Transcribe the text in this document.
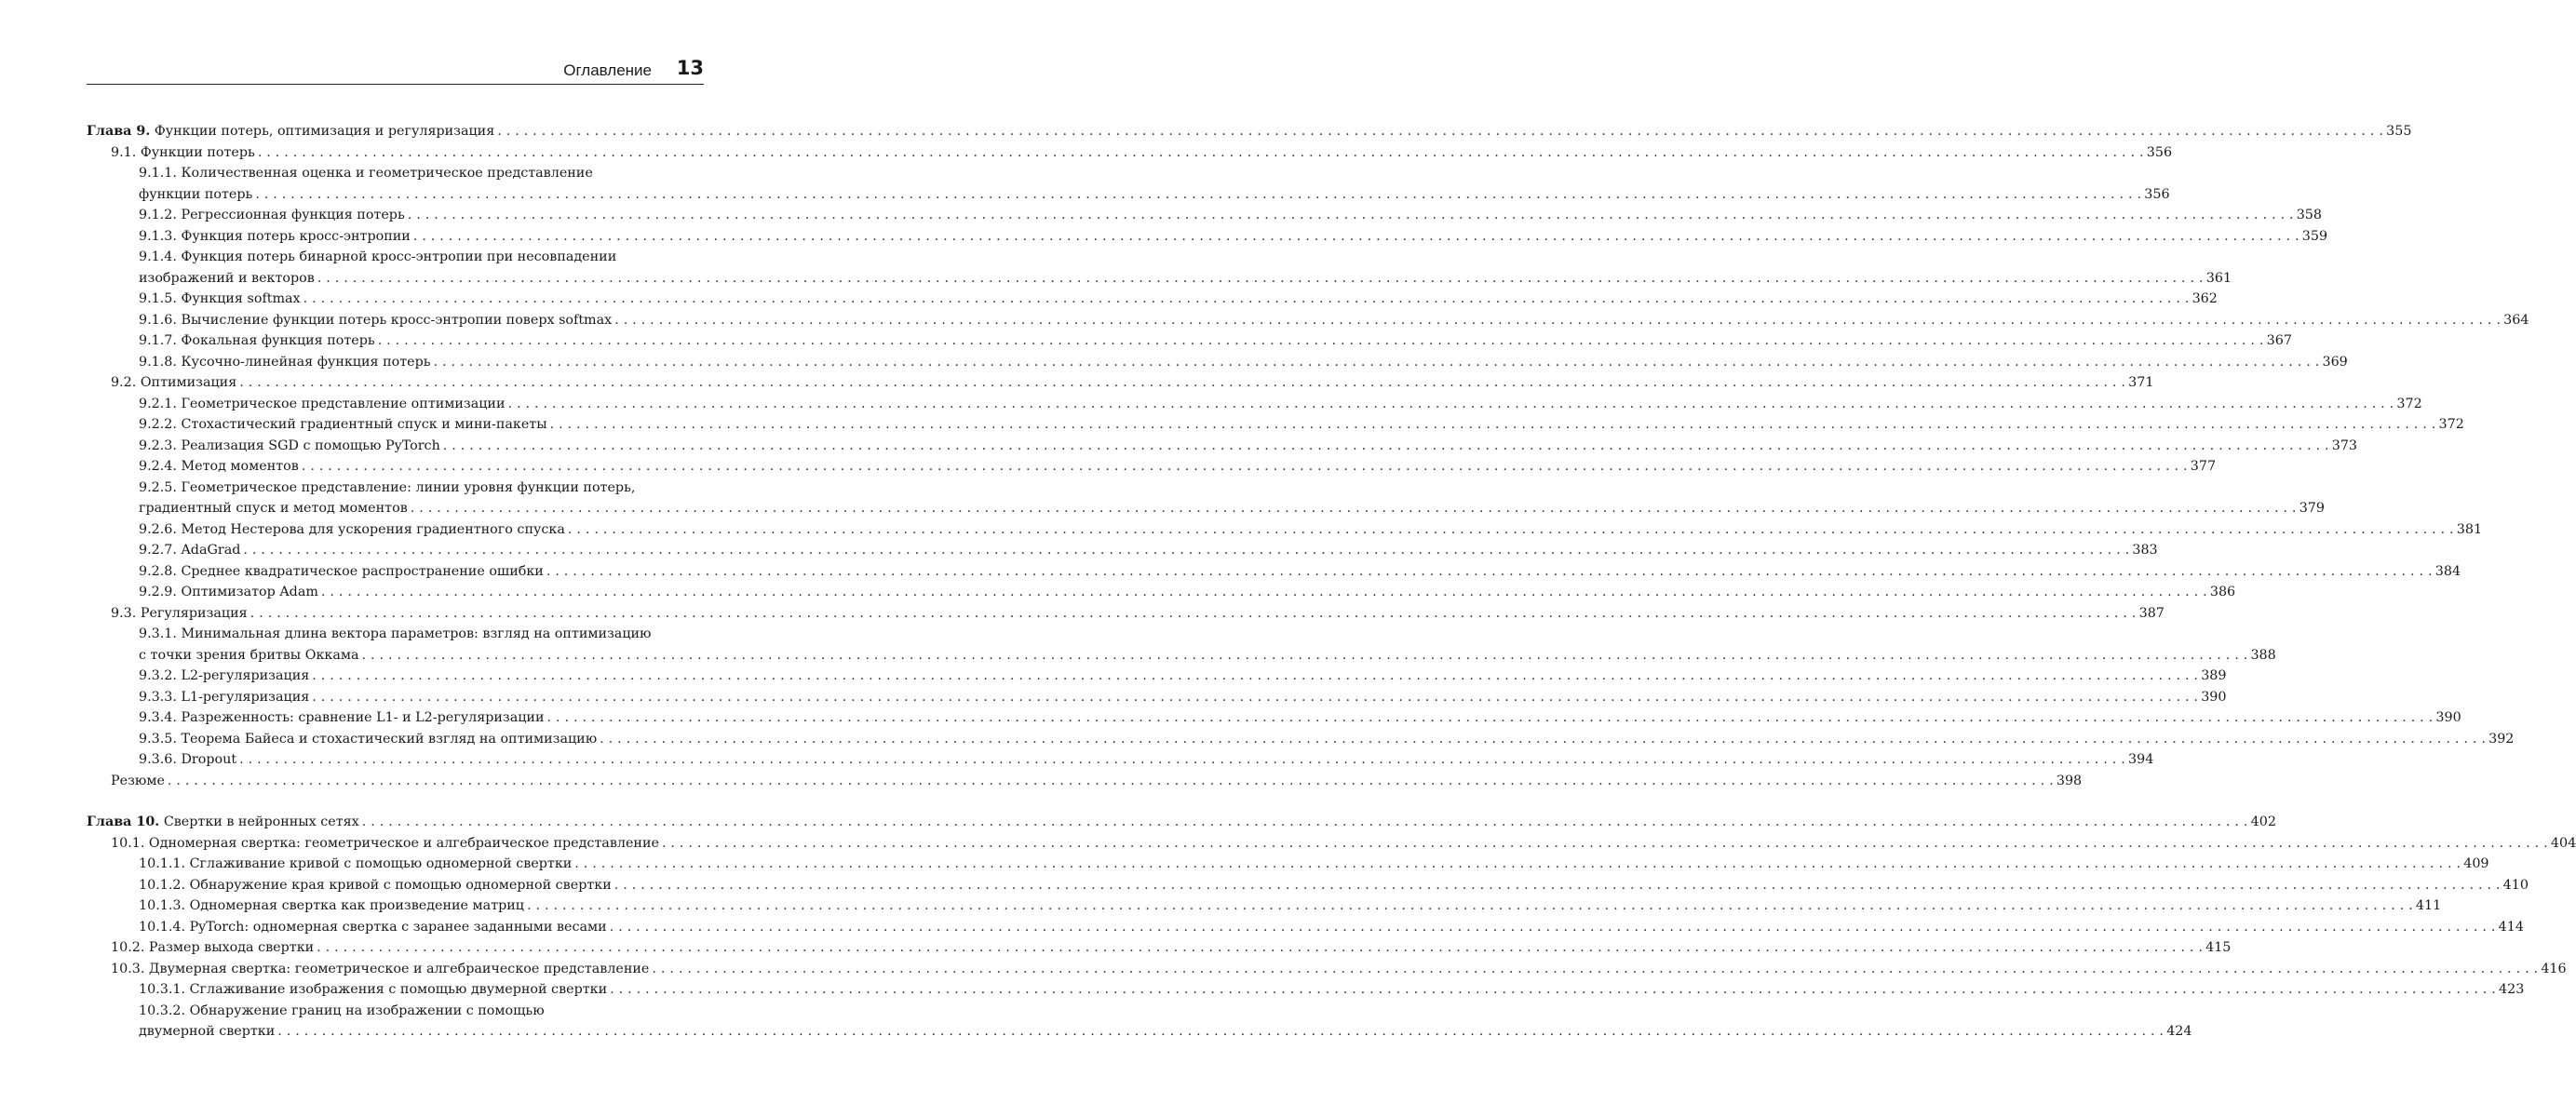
Оглавление 13
Глава 9. Функции потерь, оптимизация и регуляризация . . .	355
9.1. Функции потерь . . .	356
9.1.1. Количественная оценка и геометрическое представление
функции потерь . . .	356
9.1.2. Регрессионная функция потерь . . .	358
9.1.3. Функция потерь кросс-энтропии . . .	359
9.1.4. Функция потерь бинарной кросс-энтропии при несовпадении
изображений и векторов . . .	361
9.1.5. Функция softmax . . .	362
9.1.6. Вычисление функции потерь кросс-энтропии поверх softmax . . .	364
9.1.7. Фокальная функция потерь . . .	367
9.1.8. Кусочно-линейная функция потерь . . .	369
9.2. Оптимизация . . .	371
9.2.1. Геометрическое представление оптимизации . . .	372
9.2.2. Стохастический градиентный спуск и мини-пакеты . . .	372
9.2.3. Реализация SGD с помощью PyTorch . . .	373
9.2.4. Метод моментов . . .	377
9.2.5. Геометрическое представление: линии уровня функции потерь,
градиентный спуск и метод моментов . . .	379
9.2.6. Метод Нестерова для ускорения градиентного спуска . . .	381
9.2.7. AdaGrad . . .	383
9.2.8. Среднее квадратическое распространение ошибки . . .	384
9.2.9. Оптимизатор Adam . . .	386
9.3. Регуляризация . . .	387
9.3.1. Минимальная длина вектора параметров: взгляд на оптимизацию
с точки зрения бритвы Оккама . . .	388
9.3.2. L2-регуляризация . . .	389
9.3.3. L1-регуляризация . . .	390
9.3.4. Разреженность: сравнение L1- и L2-регуляризации . . .	390
9.3.5. Теорема Байеса и стохастический взгляд на оптимизацию . . .	392
9.3.6. Dropout . . .	394
Резюме . . .	398
Глава 10. Свертки в нейронных сетях . . .	402
10.1. Одномерная свертка: геометрическое и алгебраическое представление . . .	404
10.1.1. Сглаживание кривой с помощью одномерной свертки . . .	409
10.1.2. Обнаружение края кривой с помощью одномерной свертки . . .	410
10.1.3. Одномерная свертка как произведение матриц . . .	411
10.1.4. PyTorch: одномерная свертка с заранее заданными весами . . .	414
10.2. Размер выхода свертки . . .	415
10.3. Двумерная свертка: геометрическое и алгебраическое представление . . .	416
10.3.1. Сглаживание изображения с помощью двумерной свертки . . .	423
10.3.2. Обнаружение границ на изображении с помощью
двумерной свертки . . .	424
